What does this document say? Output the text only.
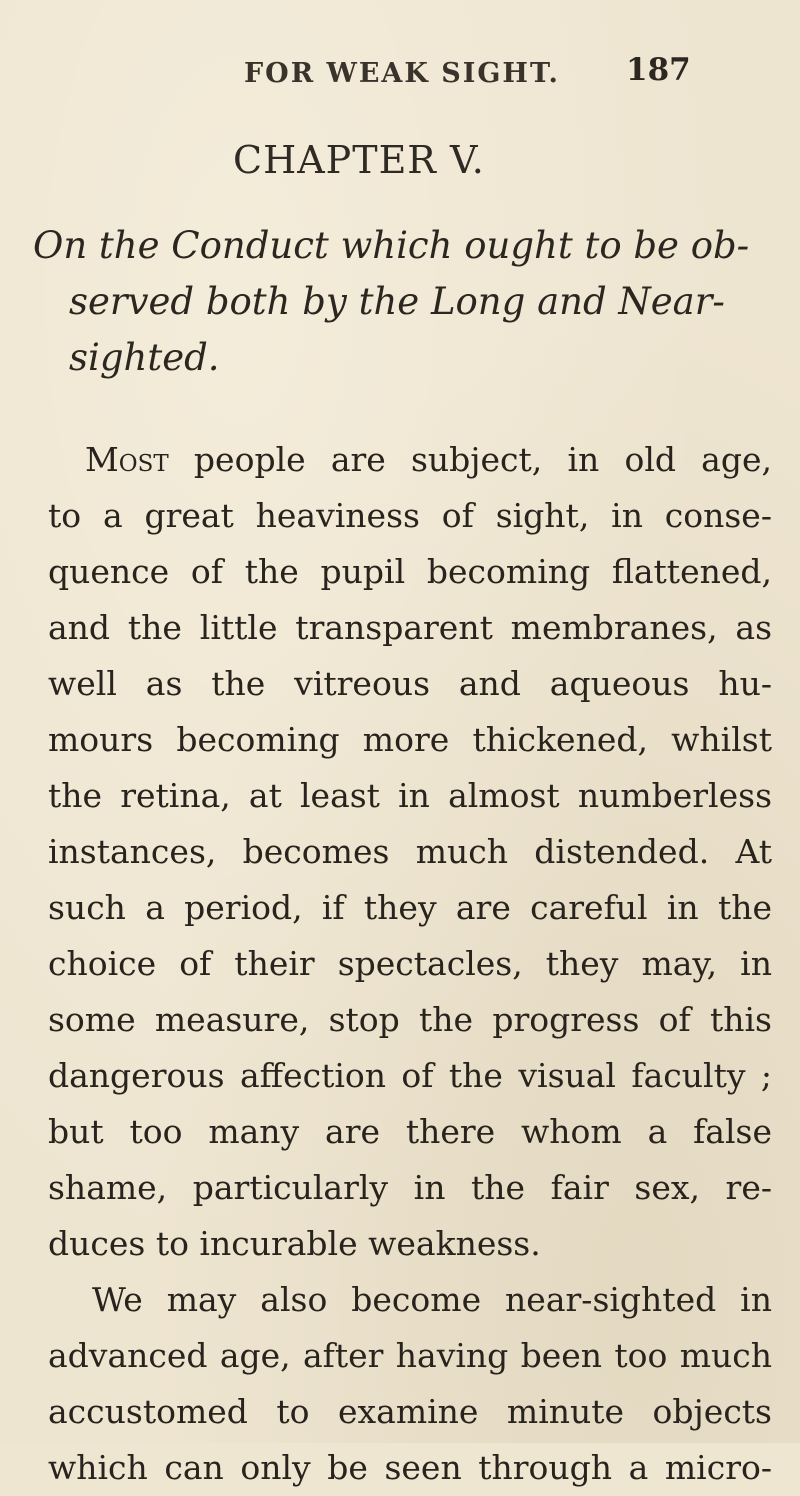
FOR WEAK SIGHT. 187
CHAPTER V.
On the Conduct which ought to be ob-
served both by the Long and Near-
sighted.
Most people are subject, in old age,
to a great heaviness of sight, in conse-
quence of the pupil becoming flattened,
and the little transparent membranes, as
well as the vitreous and aqueous hu-
mours becoming more thickened, whilst
the retina, at least in almost numberless
instances, becomes much distended. At
such a period, if they are careful in the
choice of their spectacles, they may, in
some measure, stop the progress of this
dangerous affection of the visual faculty ;
but too many are there whom a false
shame, particularly in the fair sex, re-
duces to incurable weakness.
We may also become near-sighted in
advanced age, after having been too much
accustomed to examine minute objects
which can only be seen through a micro-
